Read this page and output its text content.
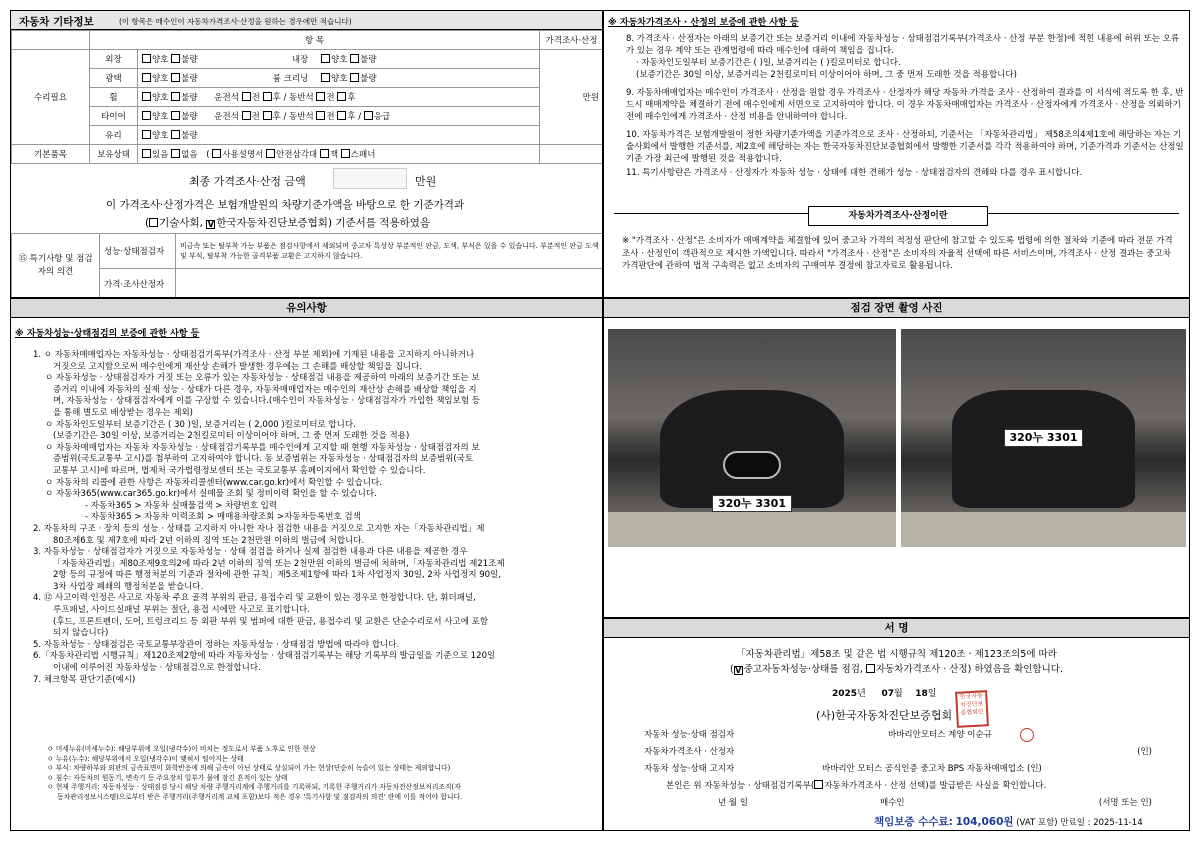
자동차 기타정보	(이 항목은 매수인이 자동차가격조사·산정을 원하는 경우에만 적습니다)
	항 목		가격조사·산정
수리필요	외장	양호 불량 내장 양호 불량	만원
	광택	양호 불량 룸 크리닝 양호 불량	
	휠	양호 불량 운전석 전 후 / 동반석 전 후	
	타이어	양호 불량 운전석 전 후 / 동반석 전 후 / 응급	
	유리	양호 불량	
기본품목	보유상태	있음 없음 ( 사용설명서 안전삼각대 잭 스패너	
최종 가격조사·산정 금액	만원
이 가격조사·산정가격은 보험개발원의 차량기준가액을 바탕으로 한 기준가격과
( 기술사회, V 한국자동차진단보증협회) 기준서를 적용하였음
⑮ 특기사항 및 점검자의 의견	성능·상태점검자	비금속 또는 탈부착 가능 부품은 점검사항에서 제외되며 중고차 특성상 부분적인 판금, 도색, 부식은 있을 수 있습니다. 부분적인 판금 도색 및 부식, 탈부착 가능한 골격부품 교환은 고지하지 않습니다.
	가격·조사산정자	
※ 자동차가격조사 · 산정의 보증에 관한 사항 등
8. 가격조사 · 산정자는 아래의 보증기간 또는 보증거리 이내에 자동차성능 · 상태점검기록부(가격조사 · 산정 부분 한정)에 적힌 내용에 허위 또는 오류가 있는 경우 계약 또는 관계법령에 따라 매수인에 대하여 책임을 집니다.
· 자동차인도일부터 보증기간은 ( )일, 보증거리는 ( )킬로미터로 합니다.
(보증기간은 30일 이상, 보증거리는 2천킬로미터 이상이어야 하며, 그 중 먼저 도래한 것을 적용합니다)
9. 자동차매매업자는 매수인이 가격조사 · 산정을 원할 경우 가격조사 · 산정자가 해당 자동차 가격을 조사 · 산정하여 결과를 이 서식에 적도록 한 후, 반드시 매매계약을 체결하기 전에 매수인에게 서면으로 고지하여야 합니다. 이 경우 자동차매매업자는 가격조사 · 산정자에게 가격조사 · 산정을 의뢰하기 전에 매수인에게 가격조사 · 산정 비용을 안내하여야 합니다.
10. 자동차가격은 보험개발원이 정한 차량기준가액을 기준가격으로 조사 · 산정하되, 기준서는 「자동차관리법」 제58조의4제1호에 해당하는 자는 기술사회에서 발행한 기준서를, 제2호에 해당하는 자는 한국자동차진단보증협회에서 발행한 기준서를 각각 적용하여야 하며, 기준가격과 기준서는 산정일 기준 가장 최근에 발행된 것을 적용합니다.
11. 특기사항란은 가격조사 · 산정자가 자동차 성능 · 상태에 대한 견해가 성능 · 상태점검자의 견해와 다를 경우 표시합니다.
자동차가격조사·산정이란
※ "가격조사 · 산정"은 소비자가 매매계약을 체결함에 있어 중고차 가격의 적정성 판단에 참고할 수 있도록 법령에 의한 절차와 기준에 따라 전문 가격조사 · 산정인이 객관적으로 제시한 가액입니다. 따라서 "가격조사 · 산정"은 소비자의 자율적 선택에 따른 서비스이며, 가격조사 · 산정 결과는 중고차 가격판단에 관하여 법적 구속력은 없고 소비자의 구매여부 결정에 참고자료로 활용됩니다.
유의사항
※ 자동차성능·상태점검의 보증에 관한 사항 등
1. ㅇ 자동차매매업자는 자동차성능 · 상태점검기록부(가격조사 · 산정 부분 제외)에 기재된 내용을 고지하지 아니하거나
거짓으로 고지함으로써 매수인에게 재산상 손해가 발생한 경우에는 그 손해를 배상할 책임을 집니다.
ㅇ 자동차성능 · 상태점검자가 거짓 또는 오류가 있는 자동차성능 · 상태점검 내용을 제공하여 아래의 보증기간 또는 보
증거리 이내에 자동차의 실제 성능 · 상태가 다른 경우, 자동차매매업자는 매수인의 재산상 손해를 배상할 책임을 지
며, 자동차성능 · 상태점검자에게 이를 구상할 수 있습니다.(매수인이 자동차성능 · 상태점검자가 가입한 책임보험 등
을 통해 별도로 배상받는 경우는 제외)
ㅇ 자동차인도일부터 보증기간은 ( 30 )일, 보증거리는 ( 2,000 )킬로미터로 합니다.
(보증기간은 30일 이상, 보증거리는 2천킬로미터 이상이어야 하며, 그 중 먼저 도래한 것을 적용)
ㅇ 자동차매매업자는 자동차 자동차성능 · 상태점검기록부를 매수인에게 고지할 때 현행 자동차성능 · 상태점검자의 보
증범위(국토교통부 고시)를 첨부하여 고지하여야 합니다. 동 보증범위는 자동차성능 · 상태점검자의 보증범위(국토
교통부 고시)에 따르며, 법제처 국가법령정보센터 또는 국토교통부 홈페이지에서 확인할 수 있습니다.
ㅇ 자동차의 리콜에 관한 사항은 자동차리콜센터(www.car.go.kr)에서 확인할 수 있습니다.
ㅇ 자동차365(www.car365.go.kr)에서 실매물 조회 및 정비이력 확인을 할 수 있습니다.
- 자동차365 > 자동차 실매물검색 > 차량번호 입력
- 자동차365 > 자동차 이력조회 > 매매용차량조회 >자동차등록번호 검색
2. 자동차의 구조 · 장치 등의 성능 · 상태를 고지하지 아니한 자나 점검한 내용을 거짓으로 고지한 자는「자동차관리법」제
80조제6호 및 제7호에 따라 2년 이하의 징역 또는 2천만원 이하의 벌금에 처합니다.
3. 자동차성능 · 상태점검자가 거짓으로 자동차성능 · 상태 점검을 하거나 실제 점검한 내용과 다른 내용을 제공한 경우
「자동차관리법」제80조제9호의2에 따라 2년 이하의 징역 또는 2천만원 이하의 벌금에 처하며,「자동차관리법 제21조제
2항 등의 규정에 따른 행정처분의 기준과 절차에 관한 규칙」제5조제1항에 따라 1차 사업정지 30일, 2차 사업정지 90일,
3차 사업장 폐쇄의 행정처분을 받습니다.
4. ⑫ 사고이력 인정은 사고로 자동차 주요 골격 부위의 판금, 용접수리 및 교환이 있는 경우로 한정합니다. 단, 휘더패널,
루프패널, 사이드실패널 부위는 절단, 용접 시에만 사고로 표기합니다.
(후드, 프론트펜더, 도어, 트렁크리드 등 외판 부위 및 범퍼에 대한 판금, 용접수리 및 교환은 단순수리로서 사고에 포함
되지 않습니다)
5. 자동차성능 · 상태점검은 국토교통부장관이 정하는 자동차성능 · 상태점검 방법에 따라야 합니다.
6.「자동차관리법 시행규칙」제120조제2항에 따라 자동차성능 · 상태점검기록부는 해당 기록부의 발급일을 기준으로 120일
이내에 이루어진 자동차성능 · 상태점검으로 한정합니다.
7. 체크항목 판단기준(예시)
ㅇ 미세누유(미세누수): 해당부위에 오일(냉각수)이 비치는 정도로서 부품 노후로 인한 현상
ㅇ 누유(누수): 해당부위에서 오일(냉각수)이 맺혀서 떨어지는 상태
ㅇ 부식: 차량하부와 외판의 금속표면이 화학반응에 의해 금속이 아닌 상태로 상실되어 가는 현상(단순히 녹슬어 있는 상태는 제외합니다)
ㅇ 침수: 자동차의 원동기, 변속기 등 주요장치 일부가 물에 잠긴 흔적이 있는 상태
ㅇ 현재 주행거리: 자동차성능 · 상태점검 당시 해당 차량 주행거리계에 주행거리를 기록하되, 기록한 주행거리가 자동차전산정보처리조직(자
동차관리정보시스템)으로부터 받은 주행거리(주행거리계 교체 포함)보다 적은 경우 '특기사항 및 점검자의 의견' 란에 이를 적어야 합니다.
점검 장면 촬영 사진
320누 3301
320누 3301
서 명
「자동차관리법」제58조 및 같은 법 시행규칙 제120조 · 제123조의5에 따라
(V 중고자동차성능·상태를 점검, 자동차가격조사 · 산정) 하였음을 확인합니다.
2025년 07월 18일
(사)한국자동차진단보증협회
한국자동차진단보증협회인
자동차 성능·상태 점검자	바바리안모터스 계양 이순규
자동차가격조사 · 산정자	(인)
자동차 성능·상태 고지자	바바리안 모터스 공식인증 중고차 BPS 자동차매매업소 (인)
본인은 위 자동차성능 · 상태점검기록부( 자동차가격조사 · 산정 선택)를 발급받은 사실을 확인합니다.
년 월 일	매수인	(서명 또는 인)
책임보증 수수료: 104,060원 (VAT 포함) 만료일 : 2025-11-14
